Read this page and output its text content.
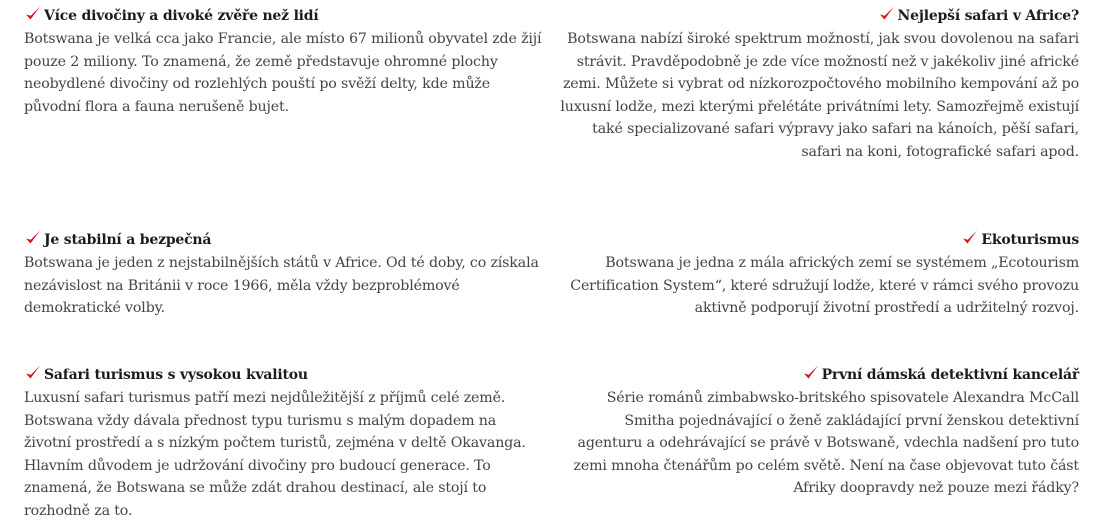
Více divočiny a divoké zvěře než lidí

Botswana je velká cca jako Francie, ale místo 67 milionů obyvatel zde žijí pouze 2 miliony. To znamená, že země představuje ohromné plochy neobydlené divočiny od rozlehlých pouští po svěží delty, kde může původní flora a fauna nerušeně bujet.

Nejlepší safari v Africe?

Botswana nabízí široké spektrum možností, jak svou dovolenou na safari strávit. Pravděpodobně je zde více možností než v jakékoliv jiné africké zemi. Můžete si vybrat od nízkorozpočtového mobilního kempování až po luxusní lodže, mezi kterými přelétáte privátními lety. Samozřejmě existují také specializované safari výpravy jako safari na kánoích, pěší safari, safari na koni, fotografické safari apod.

Je stabilní a bezpečná

Botswana je jeden z nejstabilnějších států v Africe. Od té doby, co získala nezávislost na Británii v roce 1966, měla vždy bezproblémové demokratické volby.

Ekoturismus

Botswana je jedna z mála afrických zemí se systémem „Ecotourism Certification System“, které sdružují lodže, které v rámci svého provozu aktivně podporují životní prostředí a udržitelný rozvoj.

Safari turismus s vysokou kvalitou

Luxusní safari turismus patří mezi nejdůležitější z příjmů celé země. Botswana vždy dávala přednost typu turismu s malým dopadem na životní prostředí a s nízkým počtem turistů, zejména v deltě Okavanga. Hlavním důvodem je udržování divočiny pro budoucí generace. To znamená, že Botswana se může zdát drahou destinací, ale stojí to rozhodně za to.

První dámská detektivní kancelář

Série románů zimbabwsko-britského spisovatele Alexandra McCall Smitha pojednávající o ženě zakládající první ženskou detektivní agenturu a odehrávající se právě v Botswaně, vdechla nadšení pro tuto zemi mnoha čtenářům po celém světě. Není na čase objevovat tuto část Afriky doopravdy než pouze mezi řádky?
